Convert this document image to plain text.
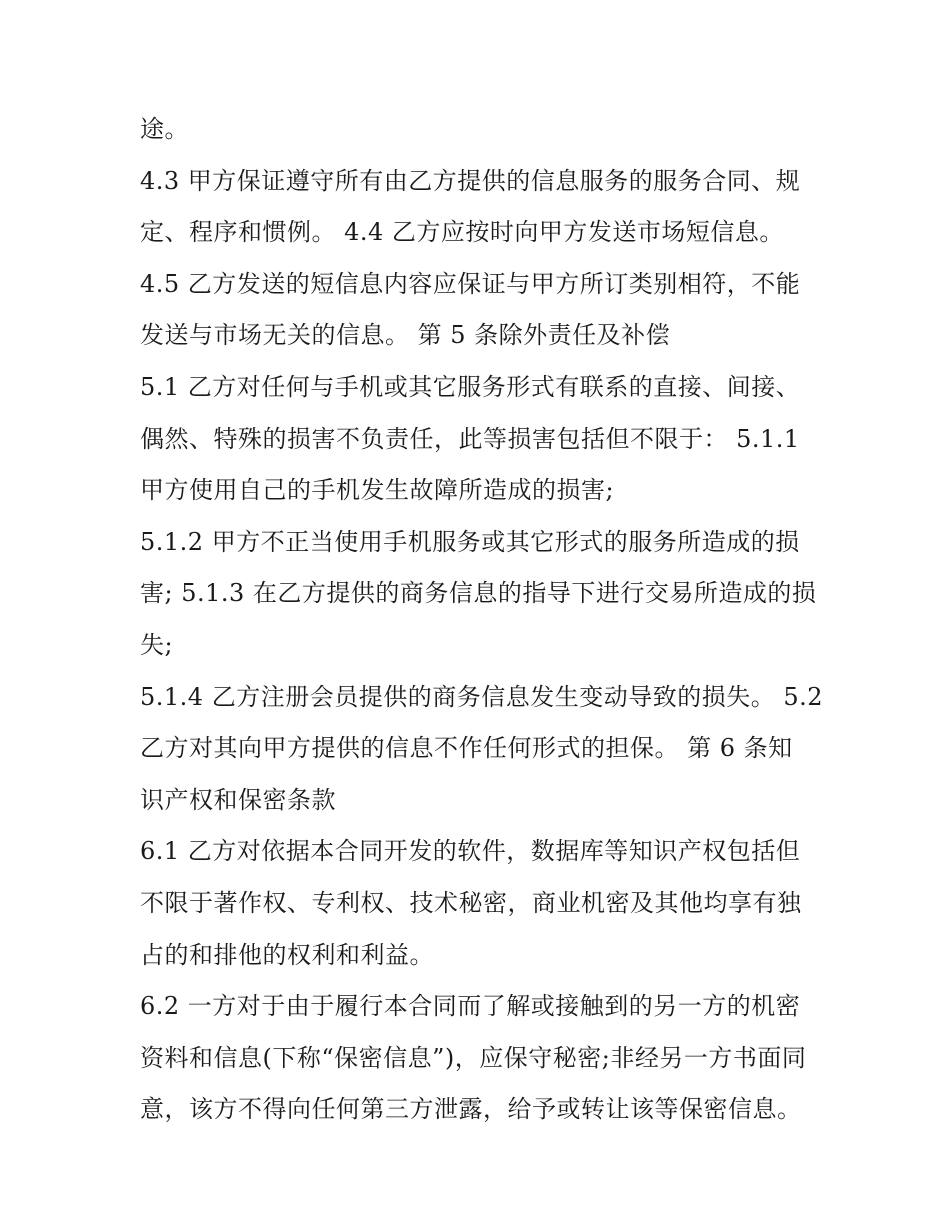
途。
4.3 甲方保证遵守所有由乙方提供的信息服务的服务合同、规
定、程序和惯例。 4.4 乙方应按时向甲方发送市场短信息。
4.5 乙方发送的短信息内容应保证与甲方所订类别相符，不能
发送与市场无关的信息。 第 5 条除外责任及补偿
5.1 乙方对任何与手机或其它服务形式有联系的直接、间接、
偶然、特殊的损害不负责任，此等损害包括但不限于： 5.1.1
甲方使用自己的手机发生故障所造成的损害;
5.1.2 甲方不正当使用手机服务或其它形式的服务所造成的损
害; 5.1.3 在乙方提供的商务信息的指导下进行交易所造成的损
失;
5.1.4 乙方注册会员提供的商务信息发生变动导致的损失。 5.2
乙方对其向甲方提供的信息不作任何形式的担保。 第 6 条知
识产权和保密条款
6.1 乙方对依据本合同开发的软件，数据库等知识产权包括但
不限于著作权、专利权、技术秘密，商业机密及其他均享有独
占的和排他的权利和利益。
6.2 一方对于由于履行本合同而了解或接触到的另一方的机密
资料和信息(下称“保密信息”)，应保守秘密;非经另一方书面同
意，该方不得向任何第三方泄露，给予或转让该等保密信息。
